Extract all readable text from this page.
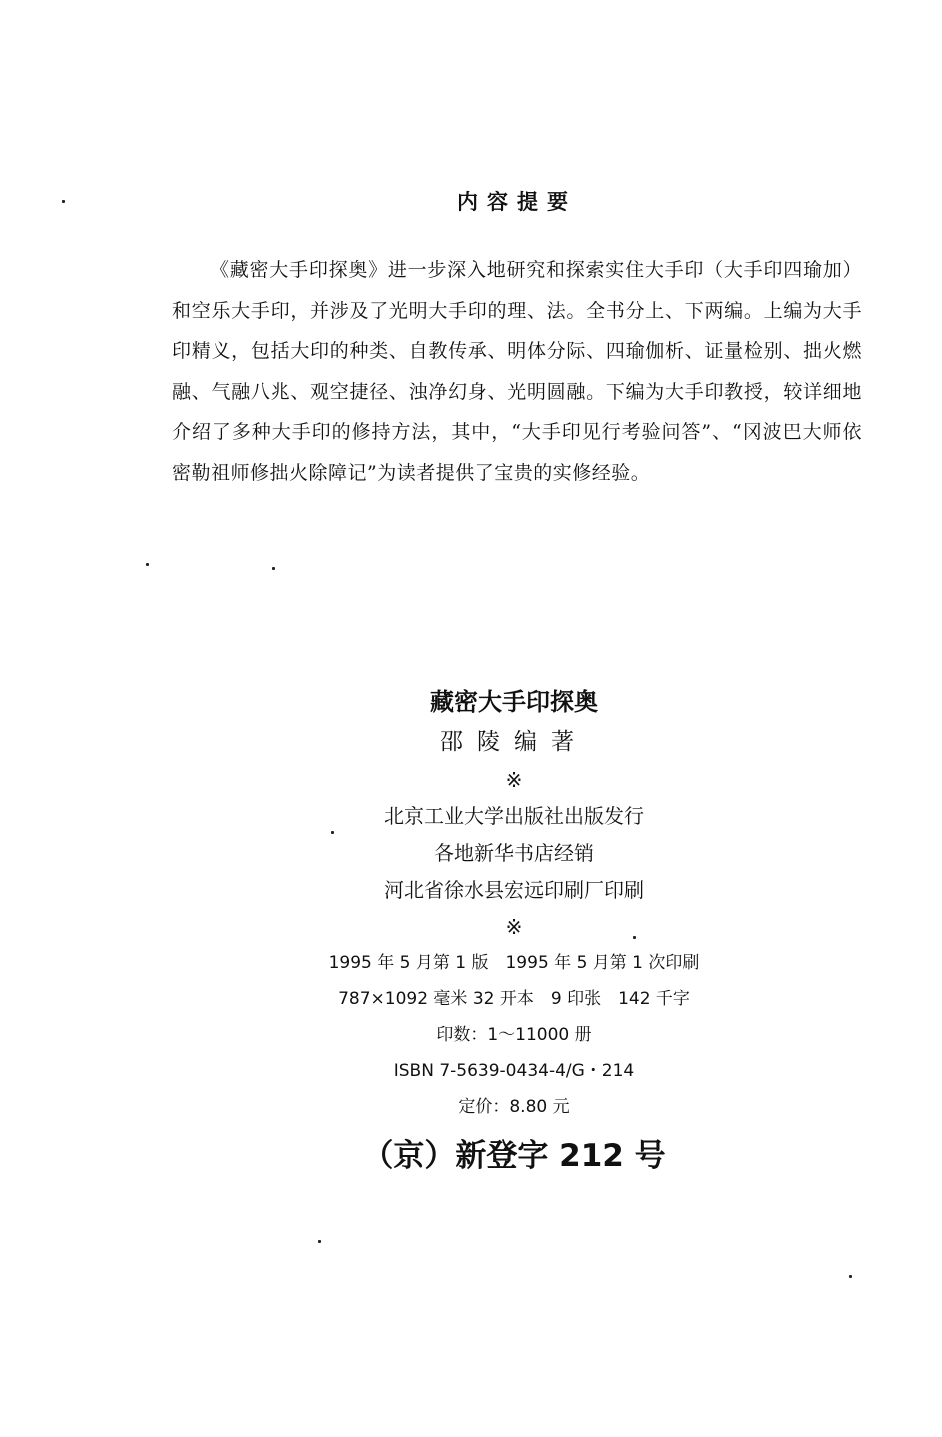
内容提要
《藏密大手印探奥》进一步深入地研究和探索实住大手印（大手印四瑜加）和空乐大手印，并涉及了光明大手印的理、法。全书分上、下两编。上编为大手印精义，包括大印的种类、自教传承、明体分际、四瑜伽析、证量检别、拙火燃融、气融八兆、观空捷径、浊净幻身、光明圆融。下编为大手印教授，较详细地介绍了多种大手印的修持方法，其中，“大手印见行考验问答”、“冈波巴大师依密勒祖师修拙火除障记”为读者提供了宝贵的实修经验。
藏密大手印探奥
邵陵编著
※
北京工业大学出版社出版发行
各地新华书店经销
河北省徐水县宏远印刷厂印刷
※
1995 年 5 月第 1 版　1995 年 5 月第 1 次印刷
787×1092 毫米 32 开本　9 印张　142 千字
印数：1～11000 册
ISBN 7-5639-0434-4/G・214
定价：8.80 元
（京）新登字 212 号
